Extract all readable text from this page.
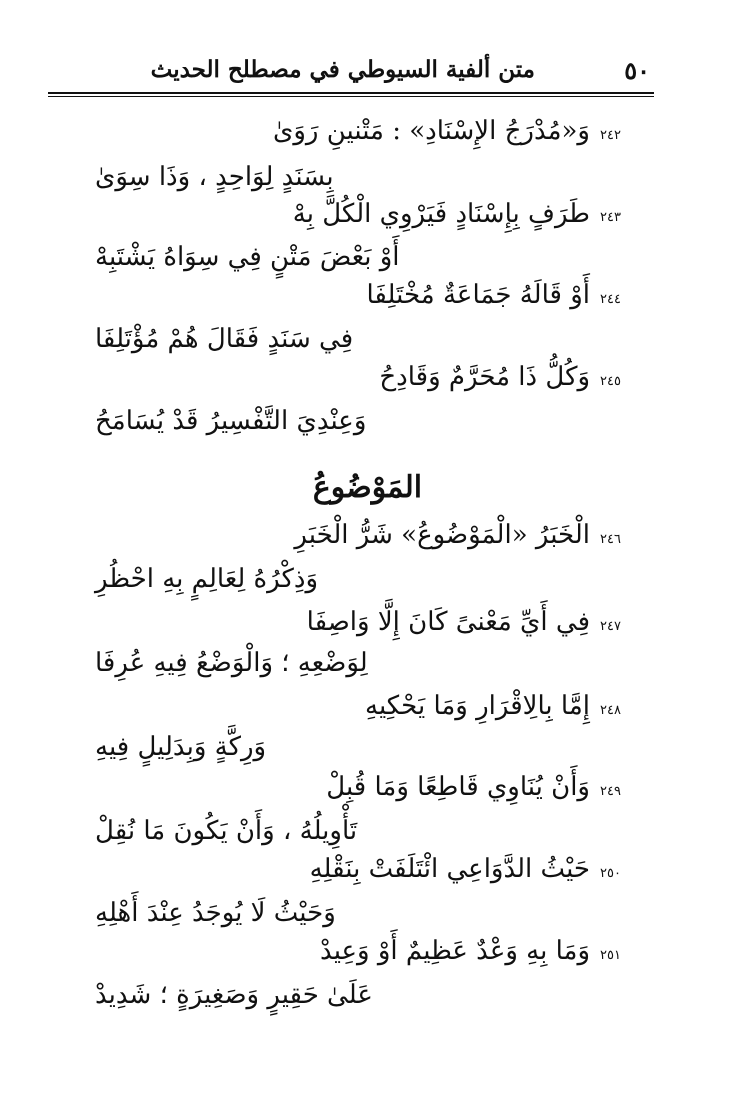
٥٠
متن ألفية السيوطي في مصطلح الحديث
٢٤٢
وَ«مُدْرَجُ الإِسْنَادِ» : مَتْنينِ رَوَىٰ
بِسَنَدٍ لِوَاحِدٍ ، وَذَا سِوَىٰ
٢٤٣
طَرَفٍ بِإِسْنَادٍ فَيَرْوِي الْكُلَّ بِهْ
أَوْ بَعْضَ مَتْنٍ فِي سِوَاهُ يَشْتَبِهْ
٢٤٤
أَوْ قَالَهُ جَمَاعَةٌ مُخْتَلِفَا
فِي سَنَدٍ فَقَالَ هُمْ مُؤْتَلِفَا
٢٤٥
وَكُلُّ ذَا مُحَرَّمٌ وَقَادِحُ
وَعِنْدِيَ التَّفْسِيرُ قَدْ يُسَامَحُ
المَوْضُوعُ
٢٤٦
الْخَبَرُ «الْمَوْضُوعُ» شَرُّ الْخَبَرِ
وَذِكْرُهُ لِعَالِمٍ بِهِ احْظُرِ
٢٤٧
فِي أَيِّ مَعْنىً كَانَ إِلَّا وَاصِفَا
لِوَضْعِهِ ؛ وَالْوَضْعُ فِيهِ عُرِفَا
٢٤٨
إِمَّا بِالِاقْرَارِ وَمَا يَحْكِيهِ
وَرِكَّةٍ وَبِدَلِيلٍ فِيهِ
٢٤٩
وَأَنْ يُنَاوِي قَاطِعًا وَمَا قُبِلْ
تَأْوِيلُهُ ، وَأَنْ يَكُونَ مَا نُقِلْ
٢٥٠
حَيْثُ الدَّوَاعِي ائْتَلَفَتْ بِنَقْلِهِ
وَحَيْثُ لَا يُوجَدُ عِنْدَ أَهْلِهِ
٢٥١
وَمَا بِهِ وَعْدٌ عَظِيمٌ أَوْ وَعِيدْ
عَلَىٰ حَقِيرٍ وَصَغِيرَةٍ ؛ شَدِيدْ
